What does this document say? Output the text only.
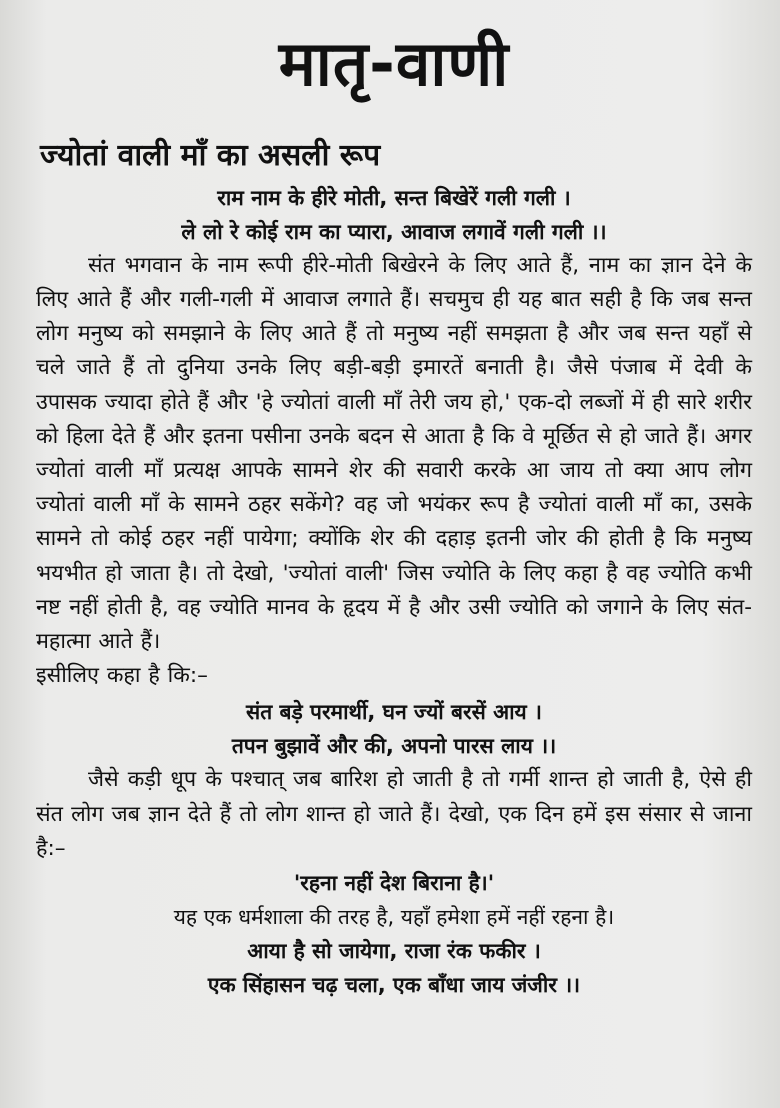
मातृ-वाणी
ज्योतां वाली माँ का असली रूप

राम नाम के हीरे मोती, सन्त बिखेरें गली गली ।

ले लो रे कोई राम का प्यारा, आवाज लगावें गली गली ।।

संत भगवान के नाम रूपी हीरे-मोती बिखेरने के लिए आते हैं, नाम का ज्ञान देने के लिए आते हैं और गली-गली में आवाज लगाते हैं। सचमुच ही यह बात सही है कि जब सन्त लोग मनुष्य को समझाने के लिए आते हैं तो मनुष्य नहीं समझता है और जब सन्त यहाँ से चले जाते हैं तो दुनिया उनके लिए बड़ी-बड़ी इमारतें बनाती है। जैसे पंजाब में देवी के उपासक ज्यादा होते हैं और 'हे ज्योतां वाली माँ तेरी जय हो,' एक-दो लब्जों में ही सारे शरीर को हिला देते हैं और इतना पसीना उनके बदन से आता है कि वे मूर्छित से हो जाते हैं। अगर ज्योतां वाली माँ प्रत्यक्ष आपके सामने शेर की सवारी करके आ जाय तो क्या आप लोग ज्योतां वाली माँ के सामने ठहर सकेंगे? वह जो भयंकर रूप है ज्योतां वाली माँ का, उसके सामने तो कोई ठहर नहीं पायेगा; क्योंकि शेर की दहाड़ इतनी जोर की होती है कि मनुष्य भयभीत हो जाता है। तो देखो, 'ज्योतां वाली' जिस ज्योति के लिए कहा है वह ज्योति कभी नष्ट नहीं होती है, वह ज्योति मानव के हृदय में है और उसी ज्योति को जगाने के लिए संत-महात्मा आते हैं।

इसीलिए कहा है कि:–

संत बड़े परमार्थी, घन ज्यों बरसें आय ।

तपन बुझावें और की, अपनो पारस लाय ।।

जैसे कड़ी धूप के पश्चात् जब बारिश हो जाती है तो गर्मी शान्त हो जाती है, ऐसे ही संत लोग जब ज्ञान देते हैं तो लोग शान्त हो जाते हैं। देखो, एक दिन हमें इस संसार से जाना है:–

'रहना नहीं देश बिराना है।'

यह एक धर्मशाला की तरह है, यहाँ हमेशा हमें नहीं रहना है।

आया है सो जायेगा, राजा रंक फकीर ।

एक सिंहासन चढ़ चला, एक बाँधा जाय जंजीर ।।
